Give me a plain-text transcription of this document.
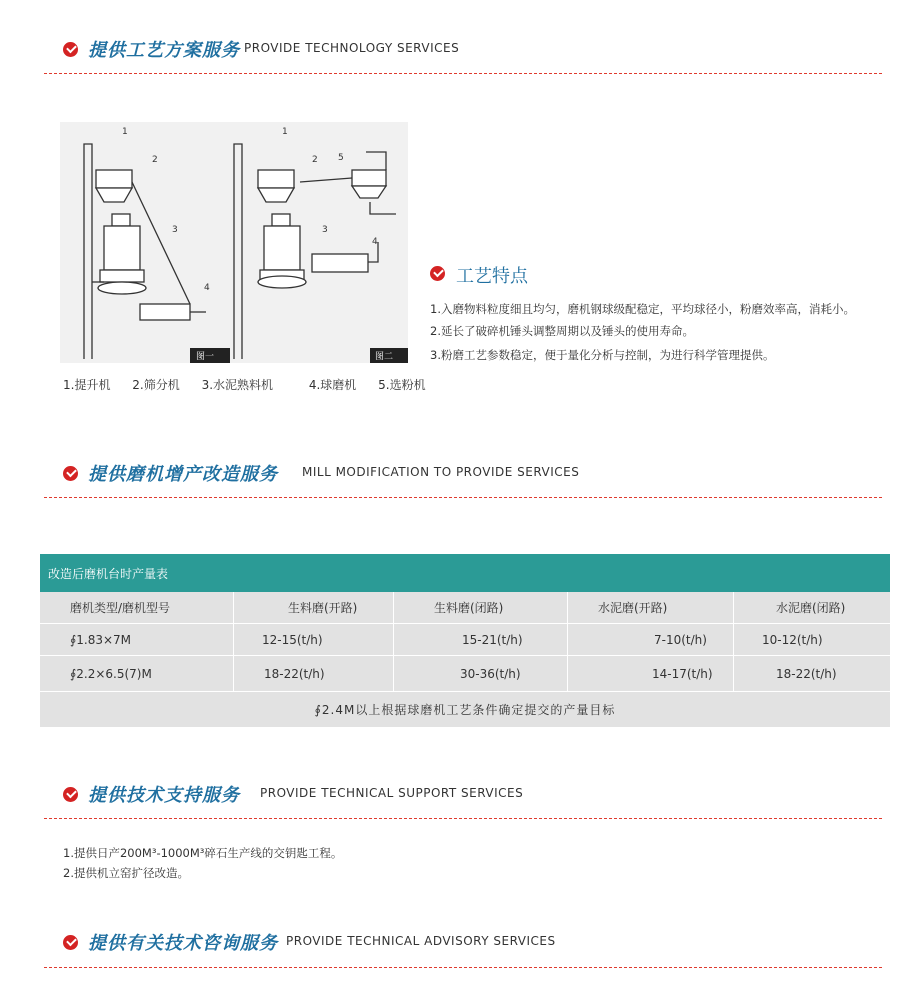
提供工艺方案服务 PROVIDE TECHNOLOGY SERVICES
1
2
3
4
1
2 5
3
4
图一	图二
1.提升机 2.筛分机 3.水泥熟料机	4.球磨机 5.选粉机
工艺特点
1.入磨物料粒度细且均匀，磨机钢球级配稳定，平均球径小，粉磨效率高，消耗小。
2.延长了破碎机锤头调整周期以及锤头的使用寿命。
3.粉磨工艺参数稳定，便于量化分析与控制，为进行科学管理提供。
提供磨机增产改造服务 MILL MODIFICATION TO PROVIDE SERVICES
改造后磨机台时产量表
磨机类型/磨机型号	生料磨(开路)	生料磨(闭路)	水泥磨(开路)	水泥磨(闭路)
∮1.83×7M	12-15(t/h)	15-21(t/h)	7-10(t/h)	10-12(t/h)
∮2.2×6.5(7)M	18-22(t/h)	30-36(t/h)	14-17(t/h)	18-22(t/h)
∮2.4M以上根据球磨机工艺条件确定提交的产量目标
提供技术支持服务 PROVIDE TECHNICAL SUPPORT SERVICES
1.提供日产200M³-1000M³碎石生产线的交钥匙工程。
2.提供机立窑扩径改造。
提供有关技术咨询服务 PROVIDE TECHNICAL ADVISORY SERVICES
